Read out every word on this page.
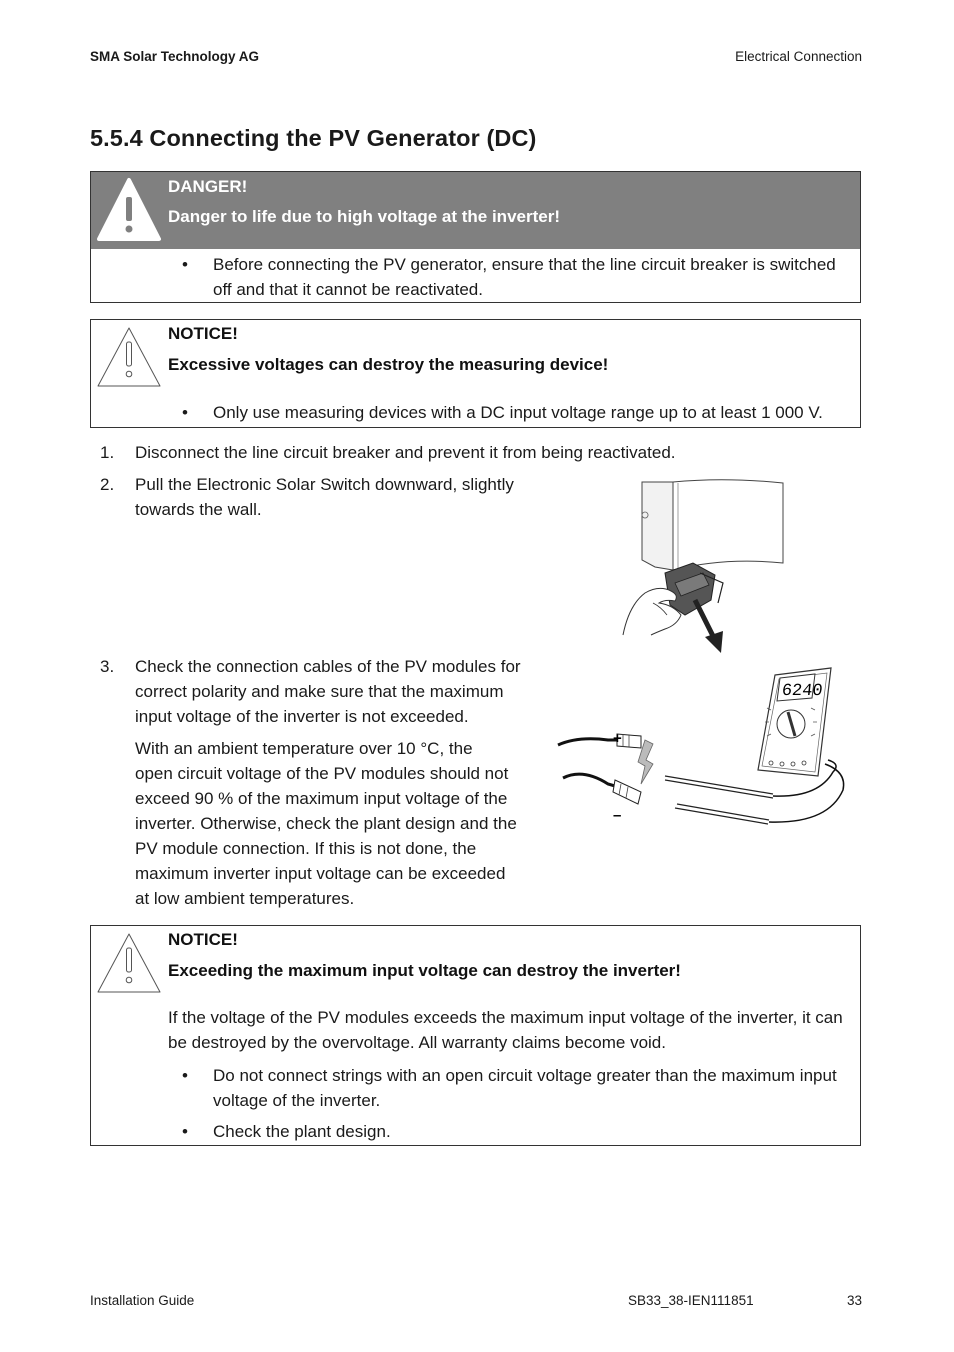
SMA Solar Technology AG	Electrical Connection
5.5.4 Connecting the PV Generator (DC)
DANGER!
Danger to life due to high voltage at the inverter!
• Before connecting the PV generator, ensure that the line circuit breaker is switched
off and that it cannot be reactivated.
NOTICE!
Excessive voltages can destroy the measuring device!
• Only use measuring devices with a DC input voltage range up to at least 1 000 V.
1. Disconnect the line circuit breaker and prevent it from being reactivated.
2. Pull the Electronic Solar Switch downward, slightly
towards the wall.
3. Check the connection cables of the PV modules for
correct polarity and make sure that the maximum
input voltage of the inverter is not exceeded.
With an ambient temperature over 10 °C, the
open circuit voltage of the PV modules should not
exceed 90 % of the maximum input voltage of the
inverter. Otherwise, check the plant design and the
PV module connection. If this is not done, the
maximum inverter input voltage can be exceeded
at low ambient temperatures.
+
–
6240
NOTICE!
Exceeding the maximum input voltage can destroy the inverter!
If the voltage of the PV modules exceeds the maximum input voltage of the inverter, it can
be destroyed by the overvoltage. All warranty claims become void.
• Do not connect strings with an open circuit voltage greater than the maximum input
voltage of the inverter.
• Check the plant design.
Installation Guide	SB33_38-IEN111851	33
